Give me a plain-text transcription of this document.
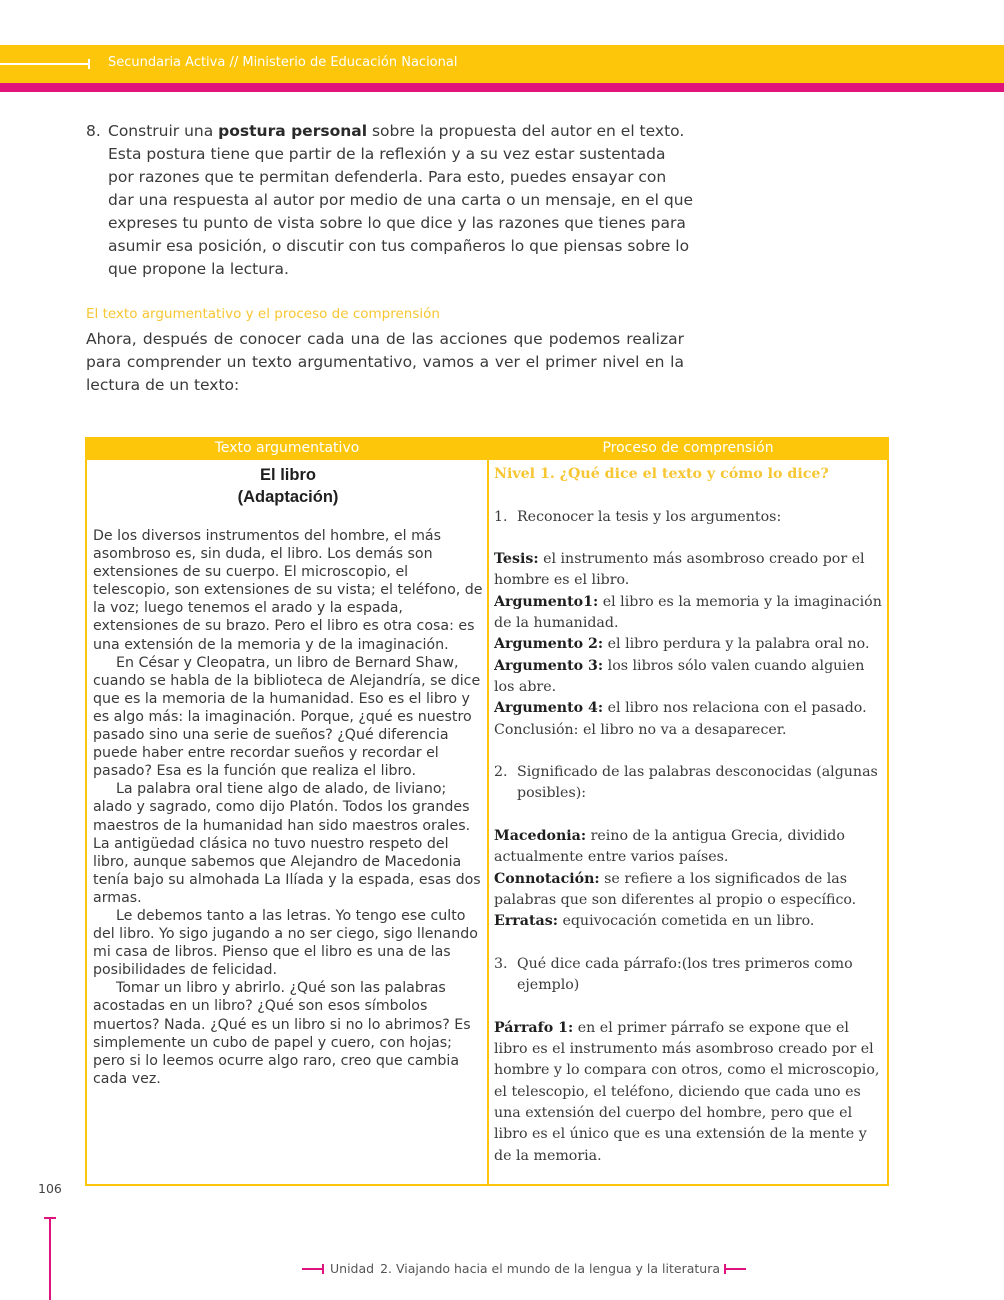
Secundaria Activa // Ministerio de Educación Nacional
8. Construir una postura personal sobre la propuesta del autor en el texto. Esta postura tiene que partir de la reflexión y a su vez estar sustentada por razones que te permitan defenderla. Para esto, puedes ensayar con dar una respuesta al autor por medio de una carta o un mensaje, en el que expreses tu punto de vista sobre lo que dice y las razones que tienes para asumir esa posición, o discutir con tus compañeros lo que piensas sobre lo que propone la lectura.
El texto argumentativo y el proceso de comprensión
Ahora, después de conocer cada una de las acciones que podemos realizar para comprender un texto argumentativo, vamos a ver el primer nivel en la lectura de un texto:
Texto argumentativo	Proceso de comprensión
El libro
(Adaptación)

De los diversos instrumentos del hombre, el más asombroso es, sin duda, el libro. Los demás son extensiones de su cuerpo. El microscopio, el telescopio, son extensiones de su vista; el teléfono, de la voz; luego tenemos el arado y la espada, extensiones de su brazo. Pero el libro es otra cosa: es una extensión de la memoria y de la imaginación.

En César y Cleopatra, un libro de Bernard Shaw, cuando se habla de la biblioteca de Alejandría, se dice que es la memoria de la humanidad. Eso es el libro y es algo más: la imaginación. Porque, ¿qué es nuestro pasado sino una serie de sueños? ¿Qué diferencia puede haber entre recordar sueños y recordar el pasado? Esa es la función que realiza el libro.

La palabra oral tiene algo de alado, de liviano; alado y sagrado, como dijo Platón. Todos los grandes maestros de la humanidad han sido maestros orales. La antigüedad clásica no tuvo nuestro respeto del libro, aunque sabemos que Alejandro de Macedonia tenía bajo su almohada La Ilíada y la espada, esas dos armas.

Le debemos tanto a las letras. Yo tengo ese culto del libro. Yo sigo jugando a no ser ciego, sigo llenando mi casa de libros. Pienso que el libro es una de las posibilidades de felicidad.

Tomar un libro y abrirlo. ¿Qué son las palabras acostadas en un libro? ¿Qué son esos símbolos muertos? Nada. ¿Qué es un libro si no lo abrimos? Es simplemente un cubo de papel y cuero, con hojas; pero si lo leemos ocurre algo raro, creo que cambia cada vez.

Nivel 1. ¿Qué dice el texto y cómo lo dice?

1. Reconocer la tesis y los argumentos:

Tesis: el instrumento más asombroso creado por el hombre es el libro.

Argumento1: el libro es la memoria y la imaginación de la humanidad.

Argumento 2: el libro perdura y la palabra oral no.

Argumento 3: los libros sólo valen cuando alguien los abre.

Argumento 4: el libro nos relaciona con el pasado.

Conclusión: el libro no va a desaparecer.

2. Significado de las palabras desconocidas (algunas posibles):

Macedonia: reino de la antigua Grecia, dividido actualmente entre varios países.

Connotación: se refiere a los significados de las palabras que son diferentes al propio o específico.

Erratas: equivocación cometida en un libro.

3. Qué dice cada párrafo:(los tres primeros como ejemplo)

Párrafo 1: en el primer párrafo se expone que el libro es el instrumento más asombroso creado por el hombre y lo compara con otros, como el microscopio, el telescopio, el teléfono, diciendo que cada uno es una extensión del cuerpo del hombre, pero que el libro es el único que es una extensión de la mente y de la memoria.

106
Unidad 2. Viajando hacia el mundo de la lengua y la literatura
